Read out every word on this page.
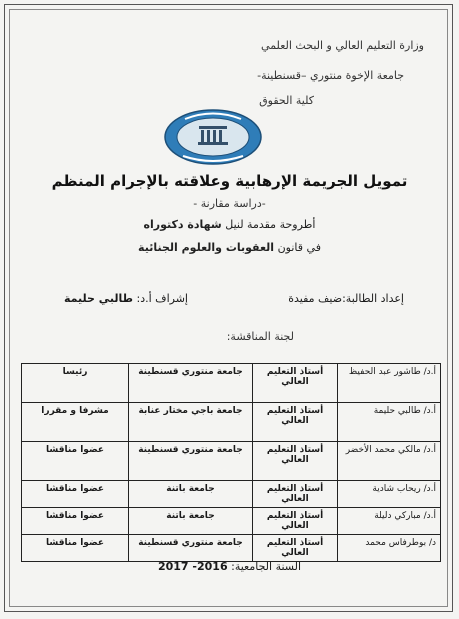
وزارة التعليم العالي و البحث العلمي
جامعة الإخوة منتوري –قسنطينة-
كلية الحقوق
تمويل الجريمة الإرهابية وعلاقته بالإجرام المنظم
-دراسة مقارنة -
أطروحة مقدمة لنيل شهادة دكتوراه
في قانون العقوبات والعلوم الجنائية
إعداد الطالبة:ضيف مفيدة
إشراف أ.د: طالبي حليمة
لجنة المناقشة:
أ.د/ طاشور عبد الحفيظ	أستاذ التعليم العالي	جامعة منتوري قسنطينة	رئيسا
أ.د/ طالبي حليمة	أستاذ التعليم العالي	جامعة باجي مختار عنابة	مشرفا و مقررا
أ.د/ مالكي محمد الأخضر	أستاذ التعليم العالي	جامعة منتوري قسنطينة	عضوا مناقشا
أ.د/ ريحاب شادية	أستاذ التعليم العالي	جامعة باتنة	عضوا مناقشا
أ.د/ مباركي دليلة	أستاذ التعليم العالي	جامعة باتنة	عضوا مناقشا
د/ بوطرفاس محمد	أستاذ التعليم العالي	جامعة منتوري قسنطينة	عضوا مناقشا
السنة الجامعية: 2016- 2017
